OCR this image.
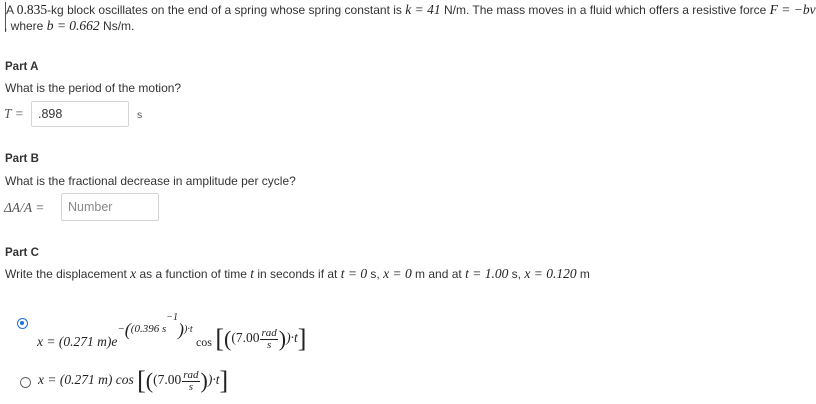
A 0.835-kg block oscillates on the end of a spring whose spring constant is k = 41 N/m. The mass moves in a fluid which offers a resistive force F = −bv
, where b = 0.662 Ns/m.
Part A
What is the period of the motion?
T = .898	s
Part B
What is the fractional decrease in amplitude per cycle?
ΔA/A = Number
Part C
Write the displacement x as a function of time t in seconds if at t = 0 s, x = 0 m and at t = 1.00 s, x = 0.120 m
x = (0.271 m)e−((0.396 $s^{-1}))\cdot t$ $\cos [((7.00 \frac{\text{rad}}{s} ))\cdot t]$
x = (0.271 m) $\cos [((7.00 \frac{\text{rad}}{s} ))\cdot t]$
